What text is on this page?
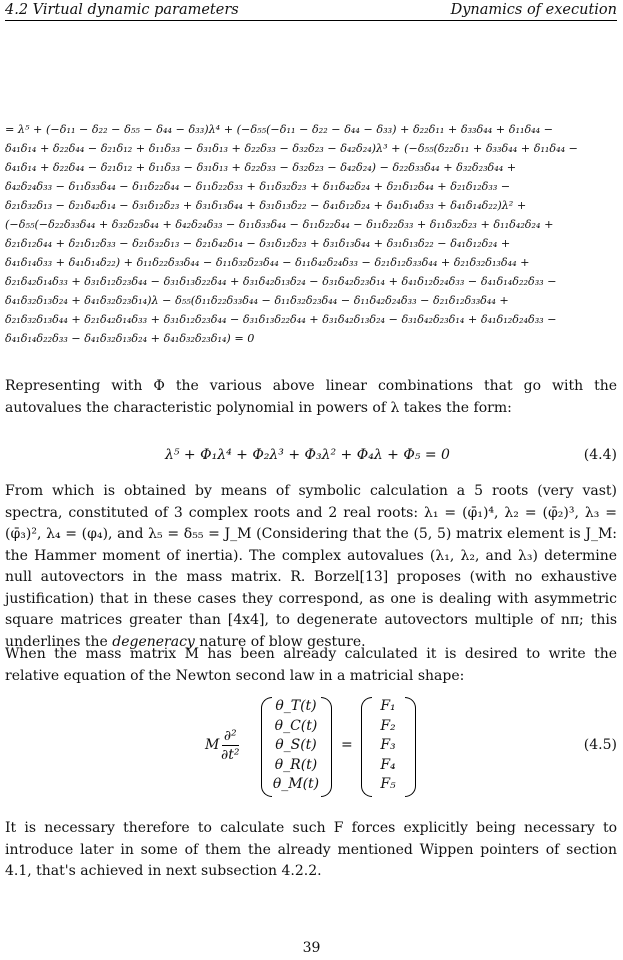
4.2 Virtual dynamic parameters	Dynamics of execution
= λ⁵ + (−δ₁₁ − δ₂₂ − δ₅₅ − δ₄₄ − δ₃₃)λ⁴ + (−δ₅₅(−δ₁₁ − δ₂₂ − δ₄₄ − δ₃₃) + δ₂₂δ₁₁ + δ₃₃δ₄₄ + δ₁₁δ₄₄ −
δ₄₁δ₁₄ + δ₂₂δ₄₄ − δ₂₁δ₁₂ + δ₁₁δ₃₃ − δ₃₁δ₁₃ + δ₂₂δ₃₃ − δ₃₂δ₂₃ − δ₄₂δ₂₄)λ³ + (−δ₅₅(δ₂₂δ₁₁ + δ₃₃δ₄₄ + δ₁₁δ₄₄ −
δ₄₁δ₁₄ + δ₂₂δ₄₄ − δ₂₁δ₁₂ + δ₁₁δ₃₃ − δ₃₁δ₁₃ + δ₂₂δ₃₃ − δ₃₂δ₂₃ − δ₄₂δ₂₄) − δ₂₂δ₃₃δ₄₄ + δ₃₂δ₂₃δ₄₄ +
δ₄₂δ₂₄δ₃₃ − δ₁₁δ₃₃δ₄₄ − δ₁₁δ₂₂δ₄₄ − δ₁₁δ₂₂δ₃₃ + δ₁₁δ₃₂δ₂₃ + δ₁₁δ₄₂δ₂₄ + δ₂₁δ₁₂δ₄₄ + δ₂₁δ₁₂δ₃₃ −
δ₂₁δ₃₂δ₁₃ − δ₂₁δ₄₂δ₁₄ − δ₃₁δ₁₂δ₂₃ + δ₃₁δ₁₃δ₄₄ + δ₃₁δ₁₃δ₂₂ − δ₄₁δ₁₂δ₂₄ + δ₄₁δ₁₄δ₃₃ + δ₄₁δ₁₄δ₂₂)λ² +
(−δ₅₅(−δ₂₂δ₃₃δ₄₄ + δ₃₂δ₂₃δ₄₄ + δ₄₂δ₂₄δ₃₃ − δ₁₁δ₃₃δ₄₄ − δ₁₁δ₂₂δ₄₄ − δ₁₁δ₂₂δ₃₃ + δ₁₁δ₃₂δ₂₃ + δ₁₁δ₄₂δ₂₄ +
δ₂₁δ₁₂δ₄₄ + δ₂₁δ₁₂δ₃₃ − δ₂₁δ₃₂δ₁₃ − δ₂₁δ₄₂δ₁₄ − δ₃₁δ₁₂δ₂₃ + δ₃₁δ₁₃δ₄₄ + δ₃₁δ₁₃δ₂₂ − δ₄₁δ₁₂δ₂₄ +
δ₄₁δ₁₄δ₃₃ + δ₄₁δ₁₄δ₂₂) + δ₁₁δ₂₂δ₃₃δ₄₄ − δ₁₁δ₃₂δ₂₃δ₄₄ − δ₁₁δ₄₂δ₂₄δ₃₃ − δ₂₁δ₁₂δ₃₃δ₄₄ + δ₂₁δ₃₂δ₁₃δ₄₄ +
δ₂₁δ₄₂δ₁₄δ₃₃ + δ₃₁δ₁₂δ₂₃δ₄₄ − δ₃₁δ₁₃δ₂₂δ₄₄ + δ₃₁δ₄₂δ₁₃δ₂₄ − δ₃₁δ₄₂δ₂₃δ₁₄ + δ₄₁δ₁₂δ₂₄δ₃₃ − δ₄₁δ₁₄δ₂₂δ₃₃ −
δ₄₁δ₃₂δ₁₃δ₂₄ + δ₄₁δ₃₂δ₂₃δ₁₄)λ − δ₅₅(δ₁₁δ₂₂δ₃₃δ₄₄ − δ₁₁δ₃₂δ₂₃δ₄₄ − δ₁₁δ₄₂δ₂₄δ₃₃ − δ₂₁δ₁₂δ₃₃δ₄₄ +
δ₂₁δ₃₂δ₁₃δ₄₄ + δ₂₁δ₄₂δ₁₄δ₃₃ + δ₃₁δ₁₂δ₂₃δ₄₄ − δ₃₁δ₁₃δ₂₂δ₄₄ + δ₃₁δ₄₂δ₁₃δ₂₄ − δ₃₁δ₄₂δ₂₃δ₁₄ + δ₄₁δ₁₂δ₂₄δ₃₃ −
δ₄₁δ₁₄δ₂₂δ₃₃ − δ₄₁δ₃₂δ₁₃δ₂₄ + δ₄₁δ₃₂δ₂₃δ₁₄) = 0

Representing with Φ the various above linear combinations that go with the autovalues the characteristic polynomial in powers of λ takes the form:

λ⁵ + Φ₁λ⁴ + Φ₂λ³ + Φ₃λ² + Φ₄λ + Φ₅ = 0	(4.4)

From which is obtained by means of symbolic calculation a 5 roots (very vast) spectra, constituted of 3 complex roots and 2 real roots: λ₁ = (φ̄₁)⁴, λ₂ = (φ̄₂)³, λ₃ = (φ̄₃)², λ₄ = (φ₄), and λ₅ = δ₅₅ = J_M (Considering that the (5, 5) matrix element is J_M: the Hammer moment of inertia). The complex autovalues (λ₁, λ₂, and λ₃) determine null autovectors in the mass matrix. R. Borzel[13] proposes (with no exhaustive justification) that in these cases they correspond, as one is dealing with asymmetric square matrices greater than [4x4], to degenerate autovectors multiple of nπ; this underlines the degeneracy nature of blow gesture.

When the mass matrix M has been already calculated it is desired to write the relative equation of the Newton second law in a matricial shape:

M
∂²
∂t²
θ_T(t)
θ_C(t)
θ_S(t)
θ_R(t)
θ_M(t)
=
F₁
F₂
F₃
F₄
F₅
(4.5)

It is necessary therefore to calculate such F forces explicitly being necessary to introduce later in some of them the already mentioned Wippen pointers of section 4.1, that's achieved in next subsection 4.2.2.

39
